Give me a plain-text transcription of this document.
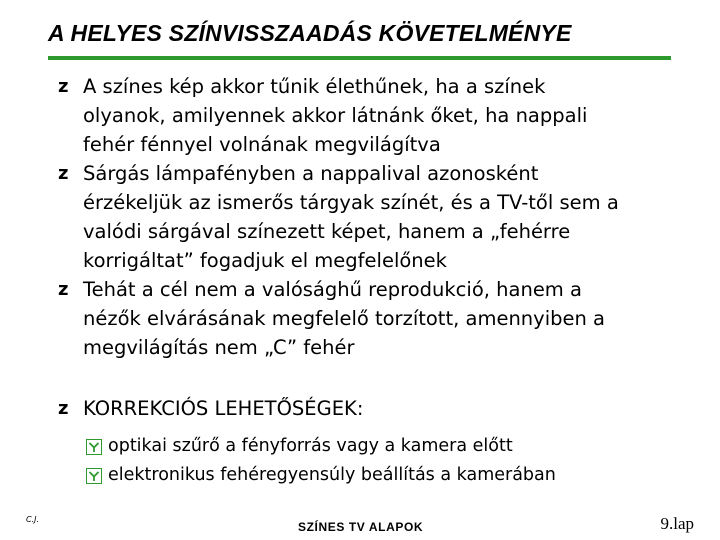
A HELYES SZÍNVISSZAADÁS KÖVETELMÉNYE
z A színes kép akkor tűnik élethűnek, ha a színek
olyanok, amilyennek akkor látnánk őket, ha nappali
fehér fénnyel volnának megvilágítva
z Sárgás lámpafényben a nappalival azonosként
érzékeljük az ismerős tárgyak színét, és a TV-től sem a
valódi sárgával színezett képet, hanem a „fehérre
korrigáltat” fogadjuk el megfelelőnek
z Tehát a cél nem a valósághű reprodukció, hanem a
nézők elvárásának megfelelő torzított, amennyiben a
megvilágítás nem „C” fehér
z KORREKCIÓS LEHETŐSÉGEK:
optikai szűrő a fényforrás vagy a kamera előtt
elektronikus fehéregyensúly beállítás a kamerában
C.J.
SZÍNES TV ALAPOK	9.lap
